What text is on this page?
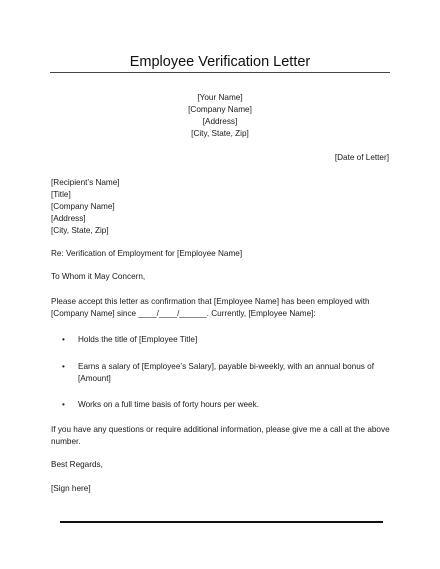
Employee Verification Letter
[Your Name]
[Company Name]
[Address]
[City, State, Zip]
[Date of Letter]
[Recipient’s Name]
[Title]
[Company Name]
[Address]
[City, State, Zip]
Re: Verification of Employment for [Employee Name]
To Whom it May Concern,
Please accept this letter as confirmation that [Employee Name] has been employed with
[Company Name] since ____/____/______. Currently, [Employee Name]:
• Holds the title of [Employee Title]
• Earns a salary of [Employee’s Salary], payable bi-weekly, with an annual bonus of
[Amount]
• Works on a full time basis of forty hours per week.
If you have any questions or require additional information, please give me a call at the above
number.
Best Regards,
[Sign here]
